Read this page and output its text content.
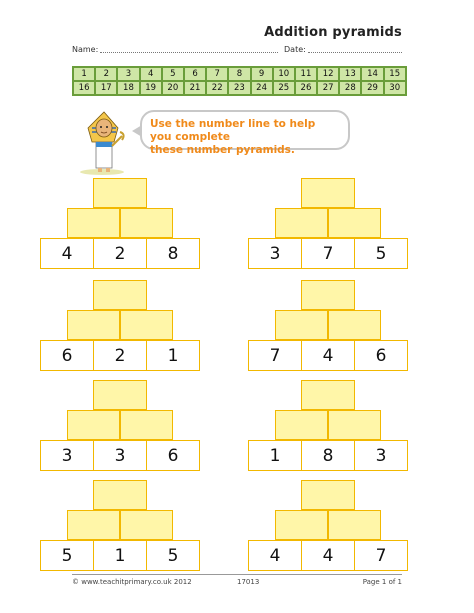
Addition pyramids
Name:	Date:
1	2	3	4	5	6	7	8	9	10	11	12	13	14	15
16	17	18	19	20	21	22	23	24	25	26	27	28	29	30
Use the number line to help you complete
these number pyramids.
4	2	8	3	7	5
6	2	1	7	4	6
3	3	6	1	8	3
5	1	5	4	4	7
© www.teachitprimary.co.uk 2012	17013	Page 1 of 1
